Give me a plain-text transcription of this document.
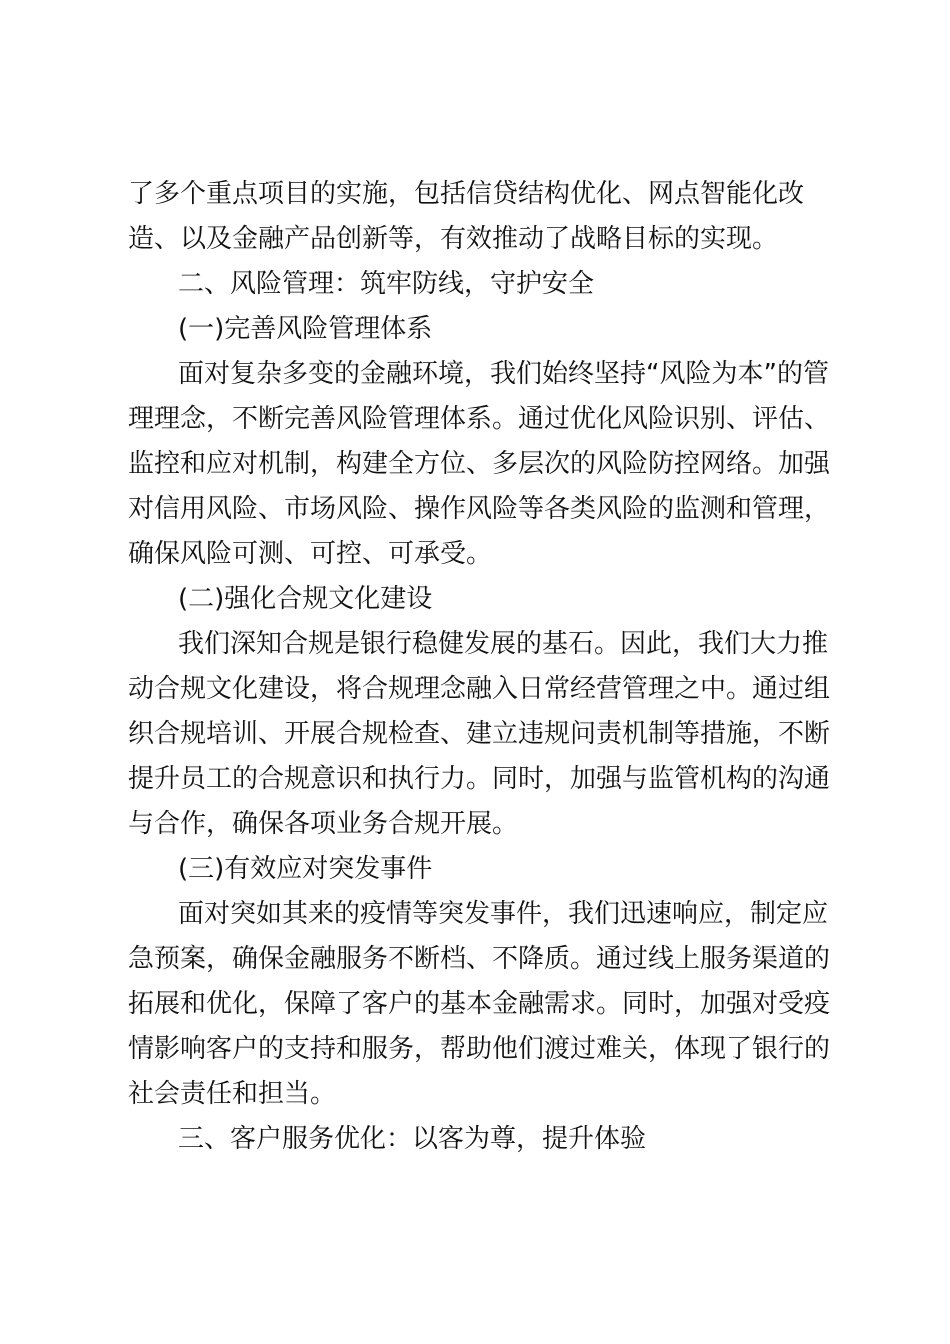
了多个重点项目的实施，包括信贷结构优化、网点智能化改
造、以及金融产品创新等，有效推动了战略目标的实现。
二、风险管理：筑牢防线，守护安全
(一)完善风险管理体系
面对复杂多变的金融环境，我们始终坚持“风险为本”的管
理理念，不断完善风险管理体系。通过优化风险识别、评估、
监控和应对机制，构建全方位、多层次的风险防控网络。加强
对信用风险、市场风险、操作风险等各类风险的监测和管理，
确保风险可测、可控、可承受。
(二)强化合规文化建设
我们深知合规是银行稳健发展的基石。因此，我们大力推
动合规文化建设，将合规理念融入日常经营管理之中。通过组
织合规培训、开展合规检查、建立违规问责机制等措施，不断
提升员工的合规意识和执行力。同时，加强与监管机构的沟通
与合作，确保各项业务合规开展。
(三)有效应对突发事件
面对突如其来的疫情等突发事件，我们迅速响应，制定应
急预案，确保金融服务不断档、不降质。通过线上服务渠道的
拓展和优化，保障了客户的基本金融需求。同时，加强对受疫
情影响客户的支持和服务，帮助他们渡过难关，体现了银行的
社会责任和担当。
三、客户服务优化：以客为尊，提升体验
